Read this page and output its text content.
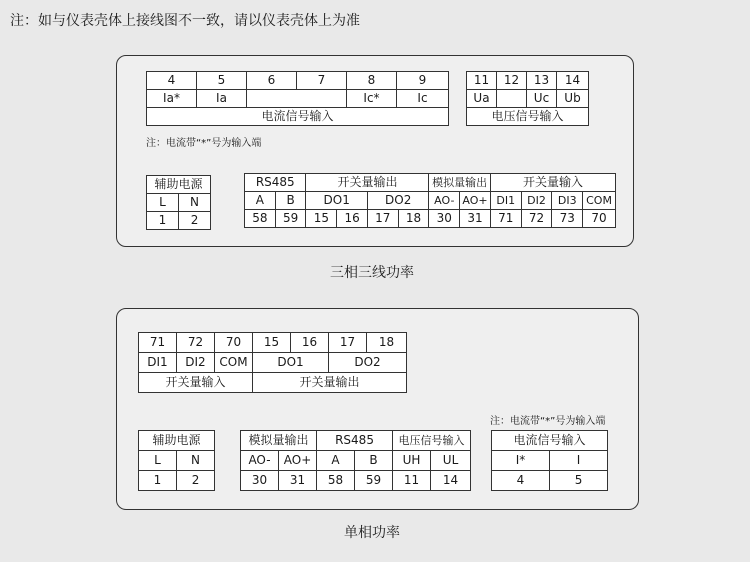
注：如与仪表壳体上接线图不一致，请以仪表壳体上为准
4	5	6	7	8	9
Ia*	Ia			Ic*	Ic
电流信号输入					
11	12	13	14
Ua		Uc	Ub
电压信号输入			
注：电流带“*”号为输入端
辅助电源	
L	N
1	2
RS485		开关量输出				模拟量输出		开关量输入			
A	B	DO1		DO2		AO-	AO+	DI1	DI2	DI3	COM
58	59	15	16	17	18	30	31	71	72	73	70
三相三线功率
71	72	70	15	16	17	18
DI1	DI2	COM	DO1		DO2	
开关量输入			开关量输出			
注：电流带“*”号为输入端
辅助电源	
L	N
1	2
模拟量输出		RS485		电压信号输入	
AO-	AO+	A	B	UH	UL
30	31	58	59	11	14
电流信号输入	
I*	I
4	5
单相功率
